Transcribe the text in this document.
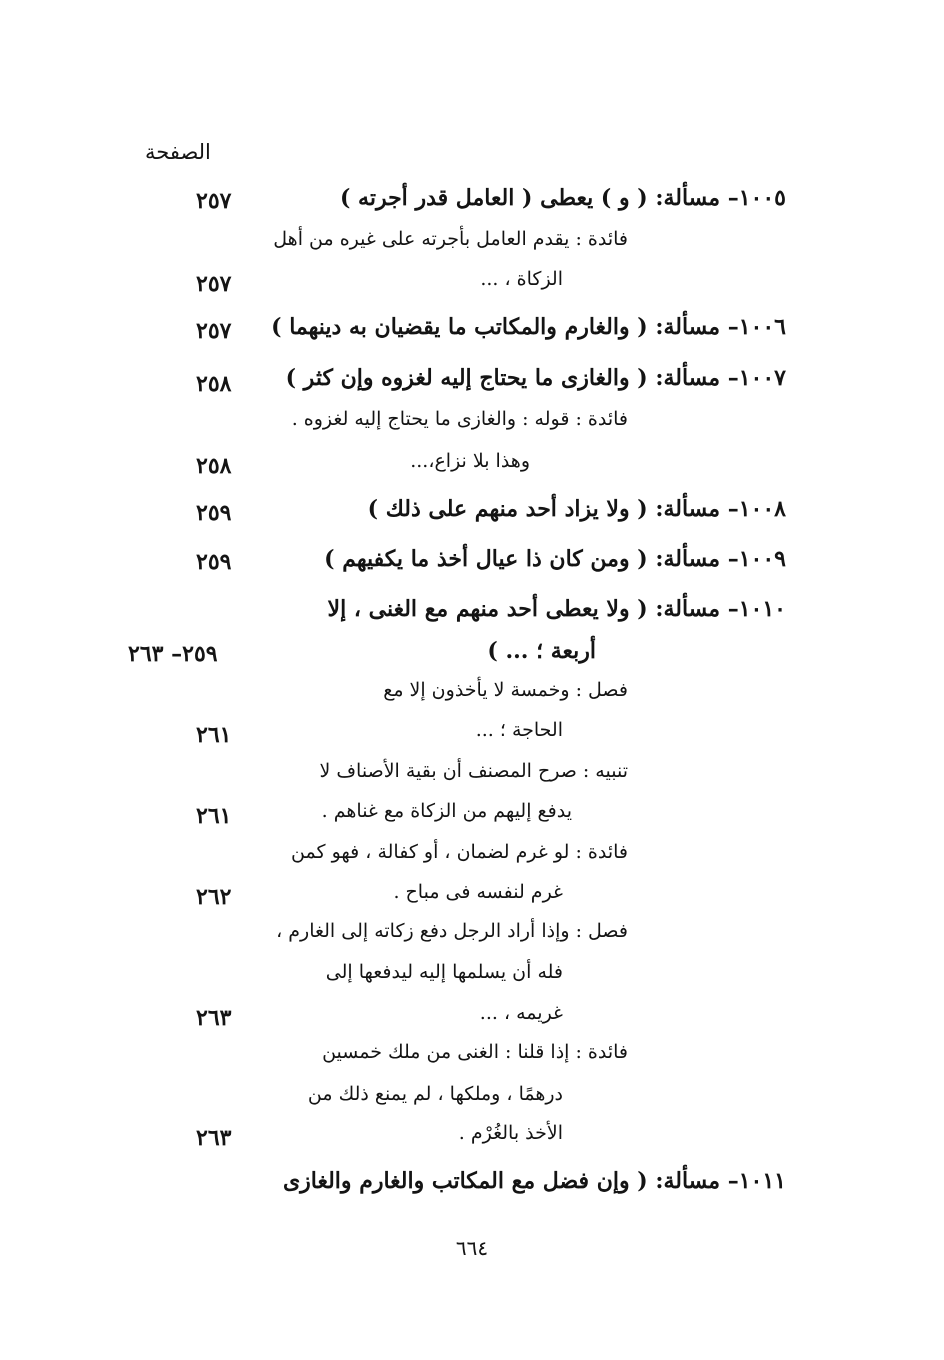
الصفحة
١٠٠٥– مسألة: ( و ) يعطى ( العامل قدر أجرته )
٢٥٧
فائدة : يقدم العامل بأجرته على غيره من أهل
الزكاة ، ...
٢٥٧
١٠٠٦– مسألة: ( والغارم والمكاتب ما يقضيان به دينهما )
٢٥٧
١٠٠٧– مسألة: ( والغازى ما يحتاج إليه لغزوه وإن كثر )
٢٥٨
فائدة : قوله : والغازى ما يحتاج إليه لغزوه .
وهذا بلا نزاع،...
٢٥٨
١٠٠٨– مسألة: ( ولا يزاد أحد منهم على ذلك )
٢٥٩
١٠٠٩– مسألة: ( ومن كان ذا عيال أخذ ما يكفيهم )
٢٥٩
١٠١٠– مسألة: ( ولا يعطى أحد منهم مع الغنى ، إلا
أربعة ؛ ... )
٢٥٩– ٢٦٣
فصل : وخمسة لا يأخذون إلا مع
الحاجة ؛ ...
٢٦١
تنبيه : صرح المصنف أن بقية الأصناف لا
يدفع إليهم من الزكاة مع غناهم .
٢٦١
فائدة : لو غرم لضمان ، أو كفالة ، فهو كمن
غرم لنفسه فى مباح .
٢٦٢
فصل : وإذا أراد الرجل دفع زكاته إلى الغارم ،
فله أن يسلمها إليه ليدفعها إلى
غريمه ، ...
٢٦٣
فائدة : إذا قلنا : الغنى من ملك خمسين
درهمًا ، وملكها ، لم يمنع ذلك من
الأخذ بالغُرْم .
٢٦٣
١٠١١– مسألة: ( وإن فضل مع المكاتب والغارم والغازى
٦٦٤
